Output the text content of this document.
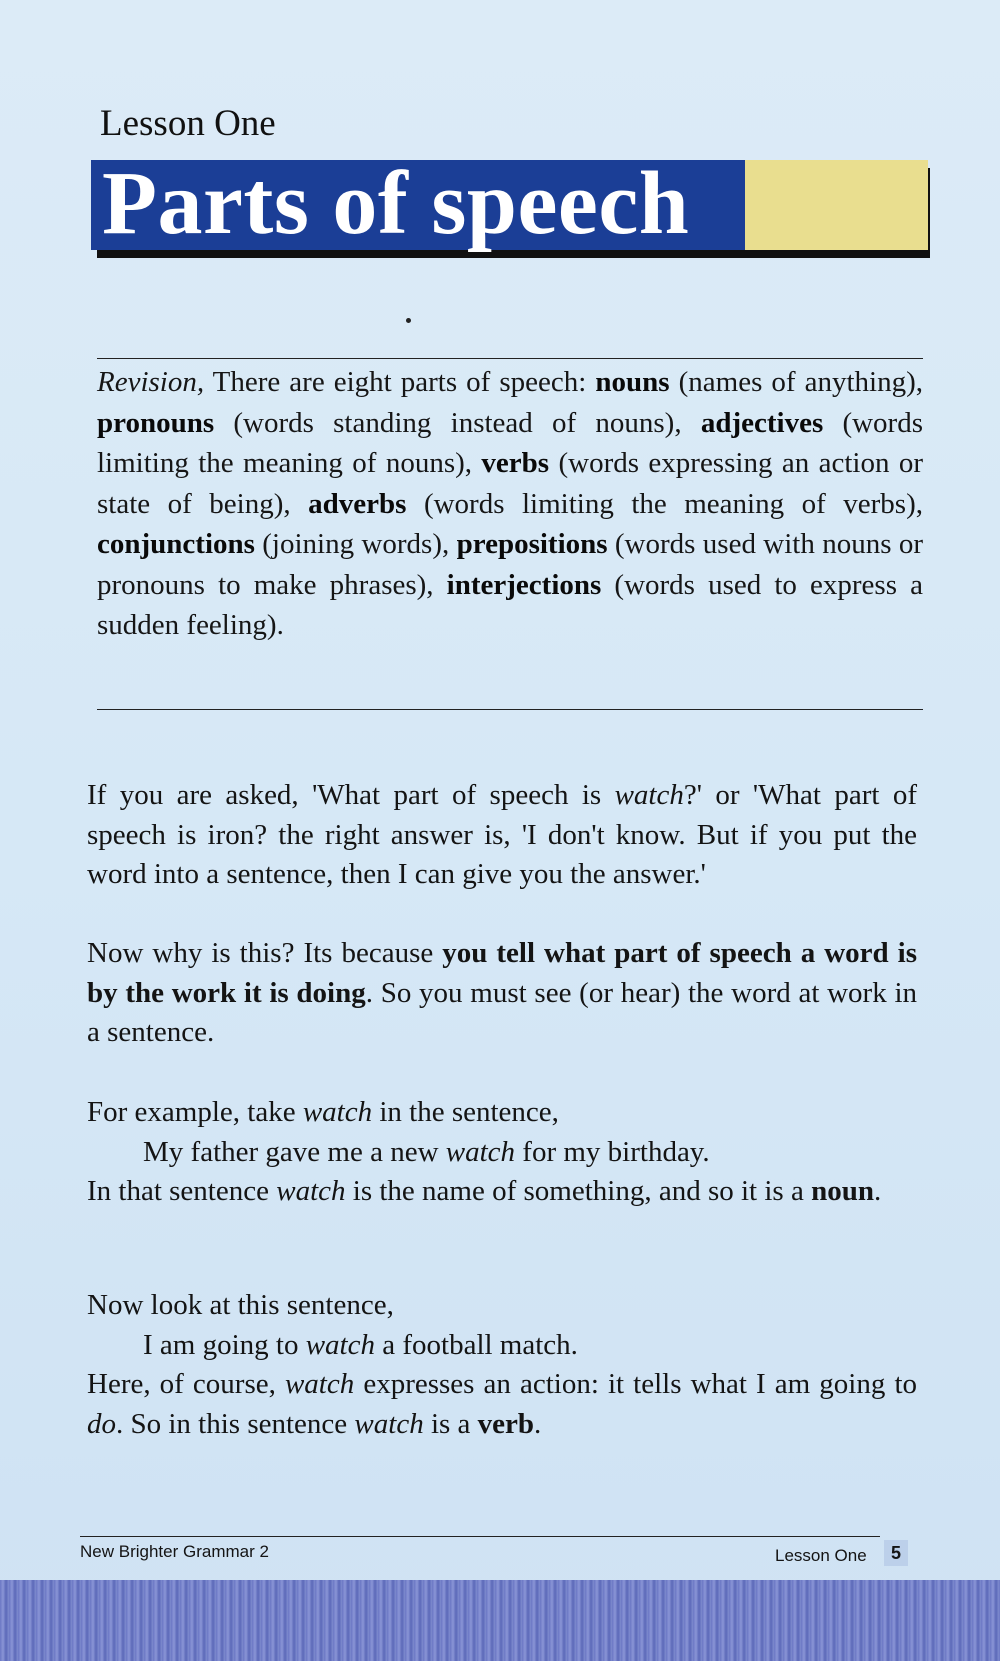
Lesson One
Parts of speech
Revision, There are eight parts of speech: nouns (names of anything), pronouns (words standing instead of nouns), adjectives (words limiting the meaning of nouns), verbs (words expressing an action or state of being), adverbs (words limiting the meaning of verbs), conjunctions (joining words), prepositions (words used with nouns or pronouns to make phrases), interjections (words used to express a sudden feeling).
If you are asked, 'What part of speech is watch?' or 'What part of speech is iron? the right answer is, 'I don't know. But if you put the word into a sentence, then I can give you the answer.'
Now why is this? Its because you tell what part of speech a word is by the work it is doing. So you must see (or hear) the word at work in a sentence.
For example, take watch in the sentence,
My father gave me a new watch for my birthday.
In that sentence watch is the name of something, and so it is a noun.
Now look at this sentence,
I am going to watch a football match.
Here, of course, watch expresses an action: it tells what I am going to do. So in this sentence watch is a verb.
New Brighter Grammar 2	Lesson One	5
